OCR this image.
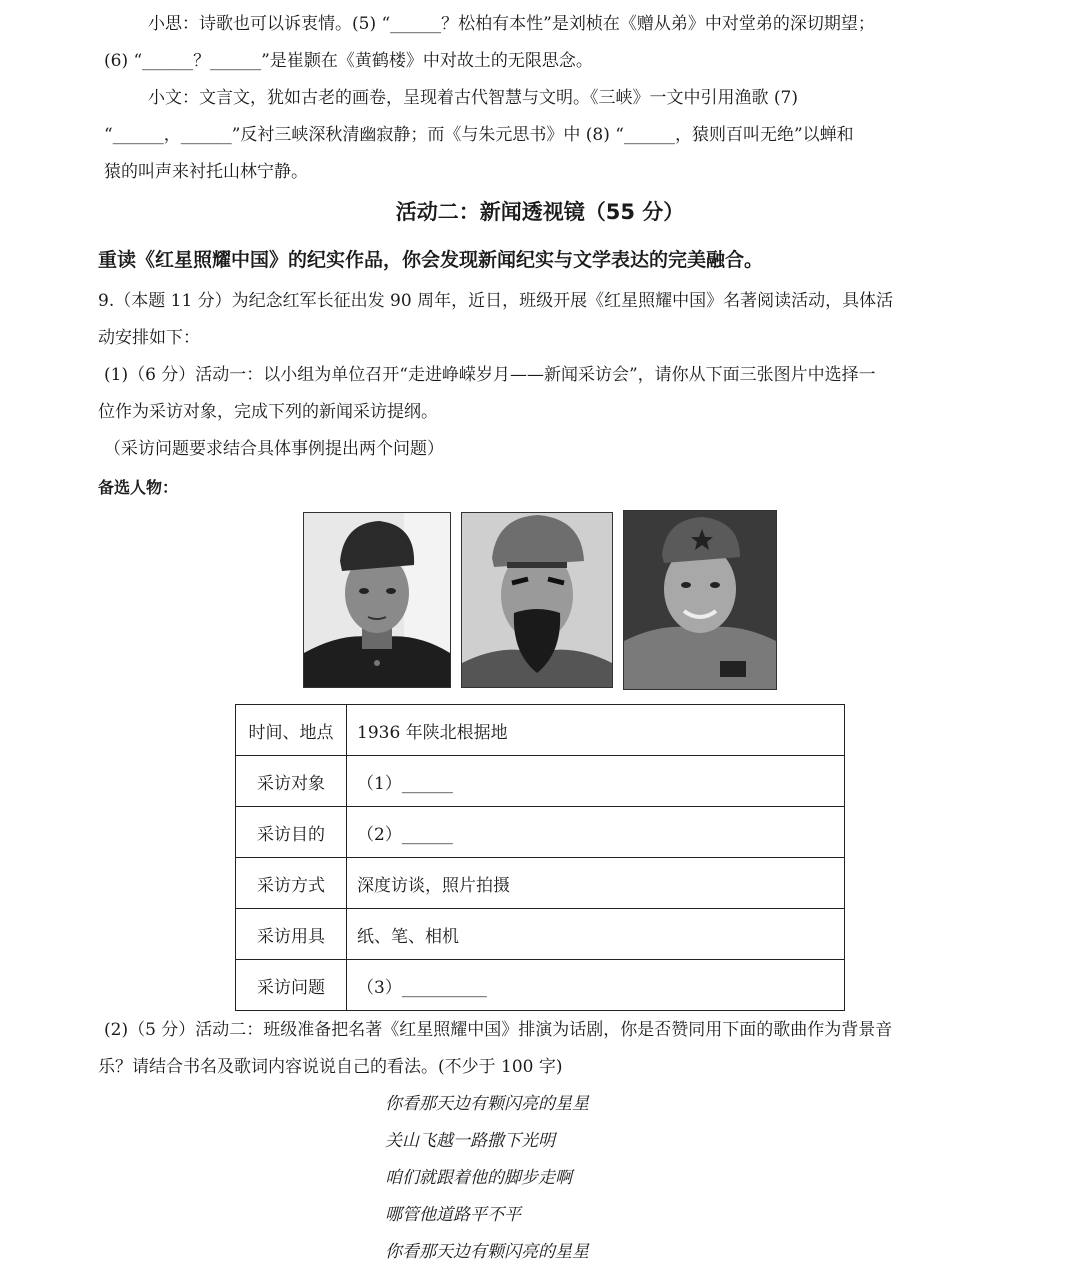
小思：诗歌也可以诉衷情。(5) “______？松柏有本性”是刘桢在《赠从弟》中对堂弟的深切期望；
(6) “______？______”是崔颢在《黄鹤楼》中对故土的无限思念。
小文：文言文，犹如古老的画卷，呈现着古代智慧与文明。《三峡》一文中引用渔歌 (7)
“______，______”反衬三峡深秋清幽寂静；而《与朱元思书》中 (8) “______，猿则百叫无绝”以蝉和
猿的叫声来衬托山林宁静。
活动二：新闻透视镜（55 分）
重读《红星照耀中国》的纪实作品，你会发现新闻纪实与文学表达的完美融合。
9.（本题 11 分）为纪念红军长征出发 90 周年，近日，班级开展《红星照耀中国》名著阅读活动，具体活
动安排如下：
(1)（6 分）活动一：以小组为单位召开“走进峥嵘岁月——新闻采访会”，请你从下面三张图片中选择一
位作为采访对象，完成下列的新闻采访提纲。
（采访问题要求结合具体事例提出两个问题）
备选人物：
时间、地点	1936 年陕北根据地
采访对象	（1）______
采访目的	（2）______
采访方式	深度访谈，照片拍摄
采访用具	纸、笔、相机
采访问题	（3）__________
(2)（5 分）活动二：班级准备把名著《红星照耀中国》排演为话剧，你是否赞同用下面的歌曲作为背景音
乐？请结合书名及歌词内容说说自己的看法。(不少于 100 字)
你看那天边有颗闪亮的星星
关山飞越一路撒下光明
咱们就跟着他的脚步走啊
哪管他道路平不平
你看那天边有颗闪亮的星星
